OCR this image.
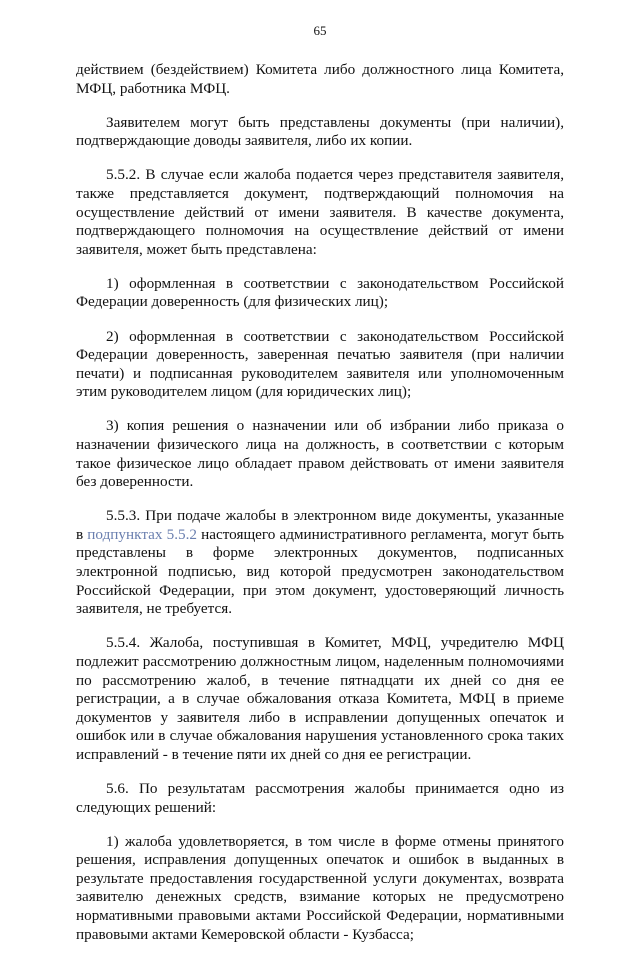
65

действием (бездействием) Комитета либо должностного лица Комитета, МФЦ, работника МФЦ.

Заявителем могут быть представлены документы (при наличии), подтверждающие доводы заявителя, либо их копии.

5.5.2. В случае если жалоба подается через представителя заявителя, также представляется документ, подтверждающий полномочия на осуществление действий от имени заявителя. В качестве документа, подтверждающего полномочия на осуществление действий от имени заявителя, может быть представлена:

1) оформленная в соответствии с законодательством Российской Федерации доверенность (для физических лиц);

2) оформленная в соответствии с законодательством Российской Федерации доверенность, заверенная печатью заявителя (при наличии печати) и подписанная руководителем заявителя или уполномоченным этим руководителем лицом (для юридических лиц);

3) копия решения о назначении или об избрании либо приказа о назначении физического лица на должность, в соответствии с которым такое физическое лицо обладает правом действовать от имени заявителя без доверенности.

5.5.3. При подаче жалобы в электронном виде документы, указанные в подпунктах 5.5.2 настоящего административного регламента, могут быть представлены в форме электронных документов, подписанных электронной подписью, вид которой предусмотрен законодательством Российской Федерации, при этом документ, удостоверяющий личность заявителя, не требуется.

5.5.4. Жалоба, поступившая в Комитет, МФЦ, учредителю МФЦ подлежит рассмотрению должностным лицом, наделенным полномочиями по рассмотрению жалоб, в течение пятнадцати их дней со дня ее регистрации, а в случае обжалования отказа Комитета, МФЦ в приеме документов у заявителя либо в исправлении допущенных опечаток и ошибок или в случае обжалования нарушения установленного срока таких исправлений - в течение пяти их дней со дня ее регистрации.

5.6. По результатам рассмотрения жалобы принимается одно из следующих решений:

1) жалоба удовлетворяется, в том числе в форме отмены принятого решения, исправления допущенных опечаток и ошибок в выданных в результате предоставления государственной услуги документах, возврата заявителю денежных средств, взимание которых не предусмотрено нормативными правовыми актами Российской Федерации, нормативными правовыми актами Кемеровской области - Кузбасса;
